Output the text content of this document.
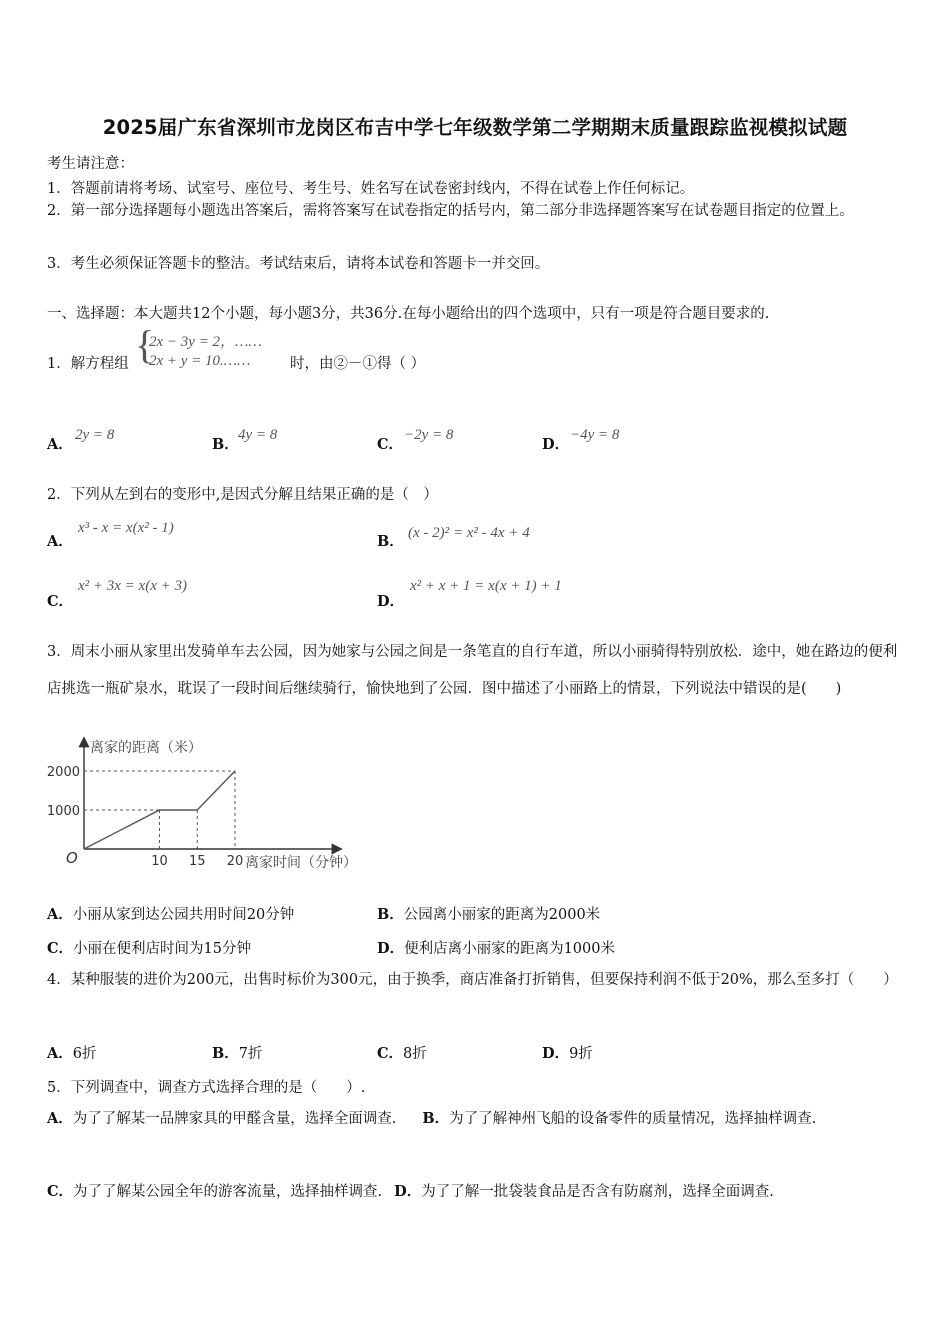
2025届广东省深圳市龙岗区布吉中学七年级数学第二学期期末质量跟踪监视模拟试题
考生请注意：
1．答题前请将考场、试室号、座位号、考生号、姓名写在试卷密封线内，不得在试卷上作任何标记。
2．第一部分选择题每小题选出答案后，需将答案写在试卷指定的括号内，第二部分非选择题答案写在试卷题目指定的位置上。
3．考生必须保证答题卡的整洁。考试结束后，请将本试卷和答题卡一并交回。
一、选择题：本大题共12个小题，每小题3分，共36分.在每小题给出的四个选项中，只有一项是符合题目要求的.
1．解方程组 {
2x − 3y = 2，……
2x + y = 10.……	时，由②－①得（ ）
A．
2y = 8
B．
4y = 8
C．
−2y = 8
D．
−4y = 8
2．下列从左到右的变形中,是因式分解且结果正确的是（　）
A．
x³ - x = x(x² - 1)
B． (x - 2)² = x² - 4x + 4
C．
x² + 3x = x(x + 3)
D．
x² + x + 1 = x(x + 1) + 1
3．周末小丽从家里出发骑单车去公园，因为她家与公园之间是一条笔直的自行车道，所以小丽骑得特别放松．途中，她在路边的便利店挑选一瓶矿泉水，耽误了一段时间后继续骑行，愉快地到了公园．图中描述了小丽路上的情景，下列说法中错误的是(　　)
10 15 20
1000
2000
离家的距离（米）
离家时间（分钟）
O
A．小丽从家到达公园共用时间20分钟	B．公园离小丽家的距离为2000米
C．小丽在便利店时间为15分钟	D．便利店离小丽家的距离为1000米
4．某种服装的进价为200元，出售时标价为300元，由于换季，商店准备打折销售，但要保持利润不低于20%，那么至多打（　　）
A．6折	B．7折	C．8折	D．9折
5．下列调查中，调查方式选择合理的是（　　）.
A．为了了解某一品牌家具的甲醛含量，选择全面调查. B．为了了解神州飞船的设备零件的质量情况，选择抽样调查.
C．为了了解某公园全年的游客流量，选择抽样调查. D．为了了解一批袋装食品是否含有防腐剂，选择全面调查.
